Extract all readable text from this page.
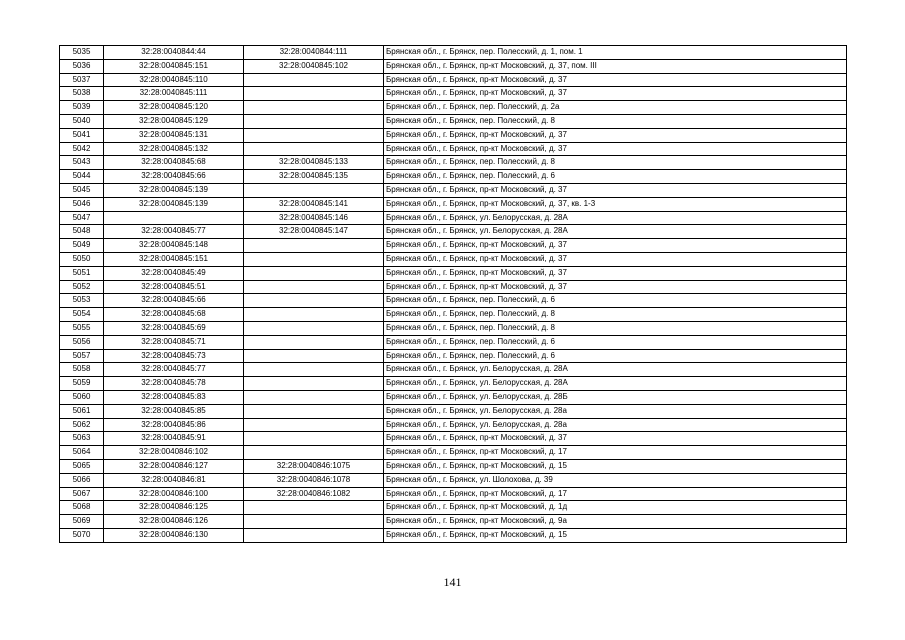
5035	32:28:0040844:44	32:28:0040844:111	Брянская обл., г. Брянск, пер. Полесский, д. 1, пом. 1
5036	32:28:0040845:151	32:28:0040845:102	Брянская обл., г. Брянск, пр-кт Московский, д. 37, пом. III
5037	32:28:0040845:110		Брянская обл., г. Брянск, пр-кт Московский, д. 37
5038	32:28:0040845:111		Брянская обл., г. Брянск, пр-кт Московский, д. 37
5039	32:28:0040845:120		Брянская обл., г. Брянск, пер. Полесский, д. 2а
5040	32:28:0040845:129		Брянская обл., г. Брянск, пер. Полесский, д. 8
5041	32:28:0040845:131		Брянская обл., г. Брянск, пр-кт Московский, д. 37
5042	32:28:0040845:132		Брянская обл., г. Брянск, пр-кт Московский, д. 37
5043	32:28:0040845:68	32:28:0040845:133	Брянская обл., г. Брянск, пер. Полесский, д. 8
5044	32:28:0040845:66	32:28:0040845:135	Брянская обл., г. Брянск, пер. Полесский, д. 6
5045	32:28:0040845:139		Брянская обл., г. Брянск, пр-кт Московский, д. 37
5046	32:28:0040845:139	32:28:0040845:141	Брянская обл., г. Брянск, пр-кт Московский, д. 37, кв. 1-3
5047		32:28:0040845:146	Брянская обл., г. Брянск, ул. Белорусская, д. 28А
5048	32:28:0040845:77	32:28:0040845:147	Брянская обл., г. Брянск, ул. Белорусская, д. 28А
5049	32:28:0040845:148		Брянская обл., г. Брянск, пр-кт Московский, д. 37
5050	32:28:0040845:151		Брянская обл., г. Брянск, пр-кт Московский, д. 37
5051	32:28:0040845:49		Брянская обл., г. Брянск, пр-кт Московский, д. 37
5052	32:28:0040845:51		Брянская обл., г. Брянск, пр-кт Московский, д. 37
5053	32:28:0040845:66		Брянская обл., г. Брянск, пер. Полесский, д. 6
5054	32:28:0040845:68		Брянская обл., г. Брянск, пер. Полесский, д. 8
5055	32:28:0040845:69		Брянская обл., г. Брянск, пер. Полесский, д. 8
5056	32:28:0040845:71		Брянская обл., г. Брянск, пер. Полесский, д. 6
5057	32:28:0040845:73		Брянская обл., г. Брянск, пер. Полесский, д. 6
5058	32:28:0040845:77		Брянская обл., г. Брянск, ул. Белорусская, д. 28А
5059	32:28:0040845:78		Брянская обл., г. Брянск, ул. Белорусская, д. 28А
5060	32:28:0040845:83		Брянская обл., г. Брянск, ул. Белорусская, д. 28Б
5061	32:28:0040845:85		Брянская обл., г. Брянск, ул. Белорусская, д. 28а
5062	32:28:0040845:86		Брянская обл., г. Брянск, ул. Белорусская, д. 28а
5063	32:28:0040845:91		Брянская обл., г. Брянск, пр-кт Московский, д. 37
5064	32:28:0040846:102		Брянская обл., г. Брянск, пр-кт Московский, д. 17
5065	32:28:0040846:127	32:28:0040846:1075	Брянская обл., г. Брянск, пр-кт Московский, д. 15
5066	32:28:0040846:81	32:28:0040846:1078	Брянская обл., г. Брянск, ул. Шолохова, д. 39
5067	32:28:0040846:100	32:28:0040846:1082	Брянская обл., г. Брянск, пр-кт Московский, д. 17
5068	32:28:0040846:125		Брянская обл., г. Брянск, пр-кт Московский, д. 1д
5069	32:28:0040846:126		Брянская обл., г. Брянск, пр-кт Московский, д. 9а
5070	32:28:0040846:130		Брянская обл., г. Брянск, пр-кт Московский, д. 15
141
